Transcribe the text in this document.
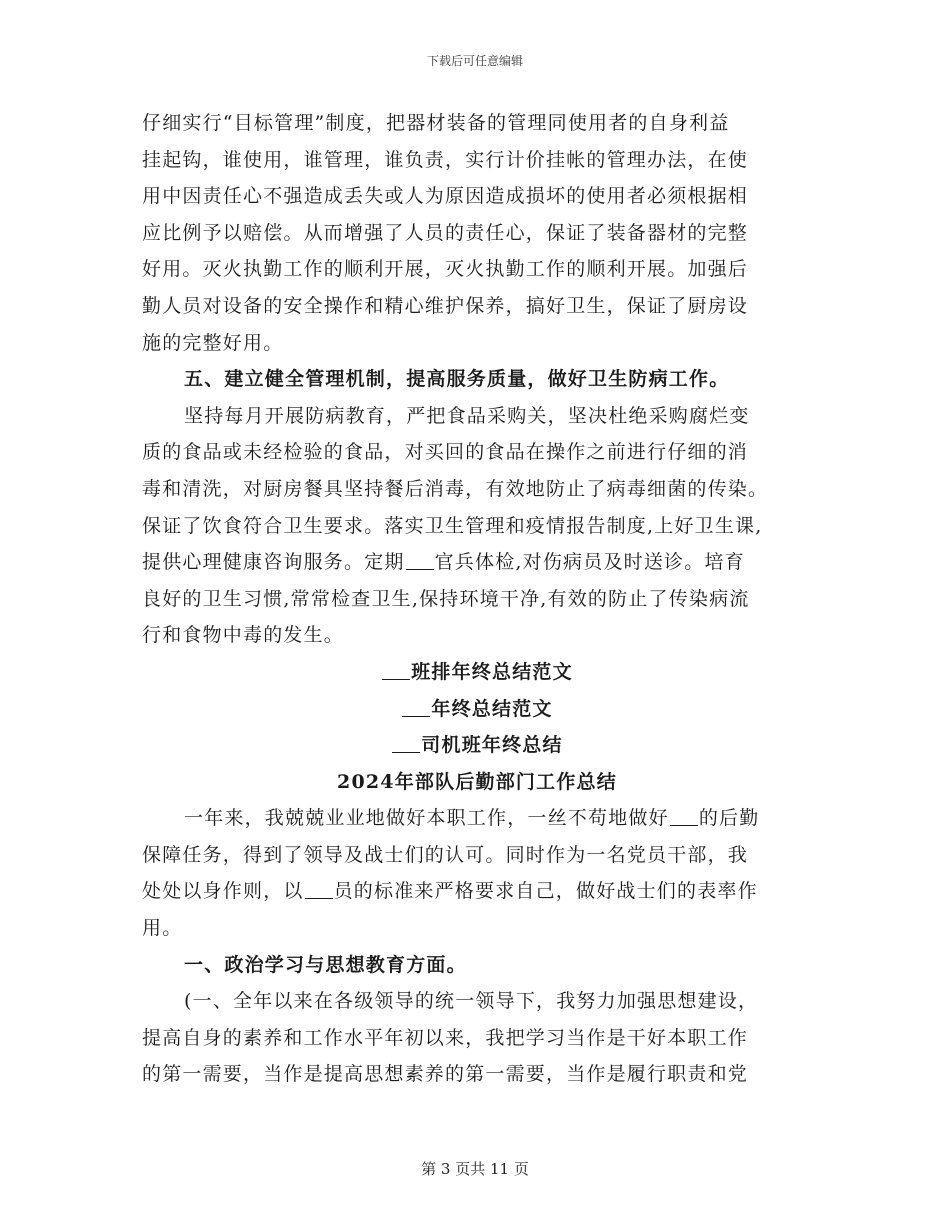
下载后可任意编辑
仔细实行“目标管理”制度，把器材装备的管理同使用者的自身利益
挂起钩，谁使用，谁管理，谁负责，实行计价挂帐的管理办法，在使
用中因责任心不强造成丢失或人为原因造成损坏的使用者必须根据相
应比例予以赔偿。从而增强了人员的责任心，保证了装备器材的完整
好用。灭火执勤工作的顺利开展，灭火执勤工作的顺利开展。加强后
勤人员对设备的安全操作和精心维护保养，搞好卫生，保证了厨房设
施的完整好用。
五、建立健全管理机制，提高服务质量，做好卫生防病工作。
坚持每月开展防病教育，严把食品采购关，坚决杜绝采购腐烂变
质的食品或未经检验的食品，对买回的食品在操作之前进行仔细的消
毒和清洗，对厨房餐具坚持餐后消毒，有效地防止了病毒细菌的传染。
保证了饮食符合卫生要求。落实卫生管理和疫情报告制度,上好卫生课,
提供心理健康咨询服务。定期 官兵体检,对伤病员及时送诊。培育
良好的卫生习惯,常常检查卫生,保持环境干净,有效的防止了传染病流
行和食物中毒的发生。
班排年终总结范文
年终总结范文
司机班年终总结
2024年部队后勤部门工作总结
一年来，我兢兢业业地做好本职工作，一丝不苟地做好 的后勤
保障任务，得到了领导及战士们的认可。同时作为一名党员干部，我
处处以身作则，以 员的标准来严格要求自己，做好战士们的表率作
用。
一、政治学习与思想教育方面。
(一、全年以来在各级领导的统一领导下，我努力加强思想建设，
提高自身的素养和工作水平年初以来，我把学习当作是干好本职工作
的第一需要，当作是提高思想素养的第一需要，当作是履行职责和党
第 3 页共 11 页
